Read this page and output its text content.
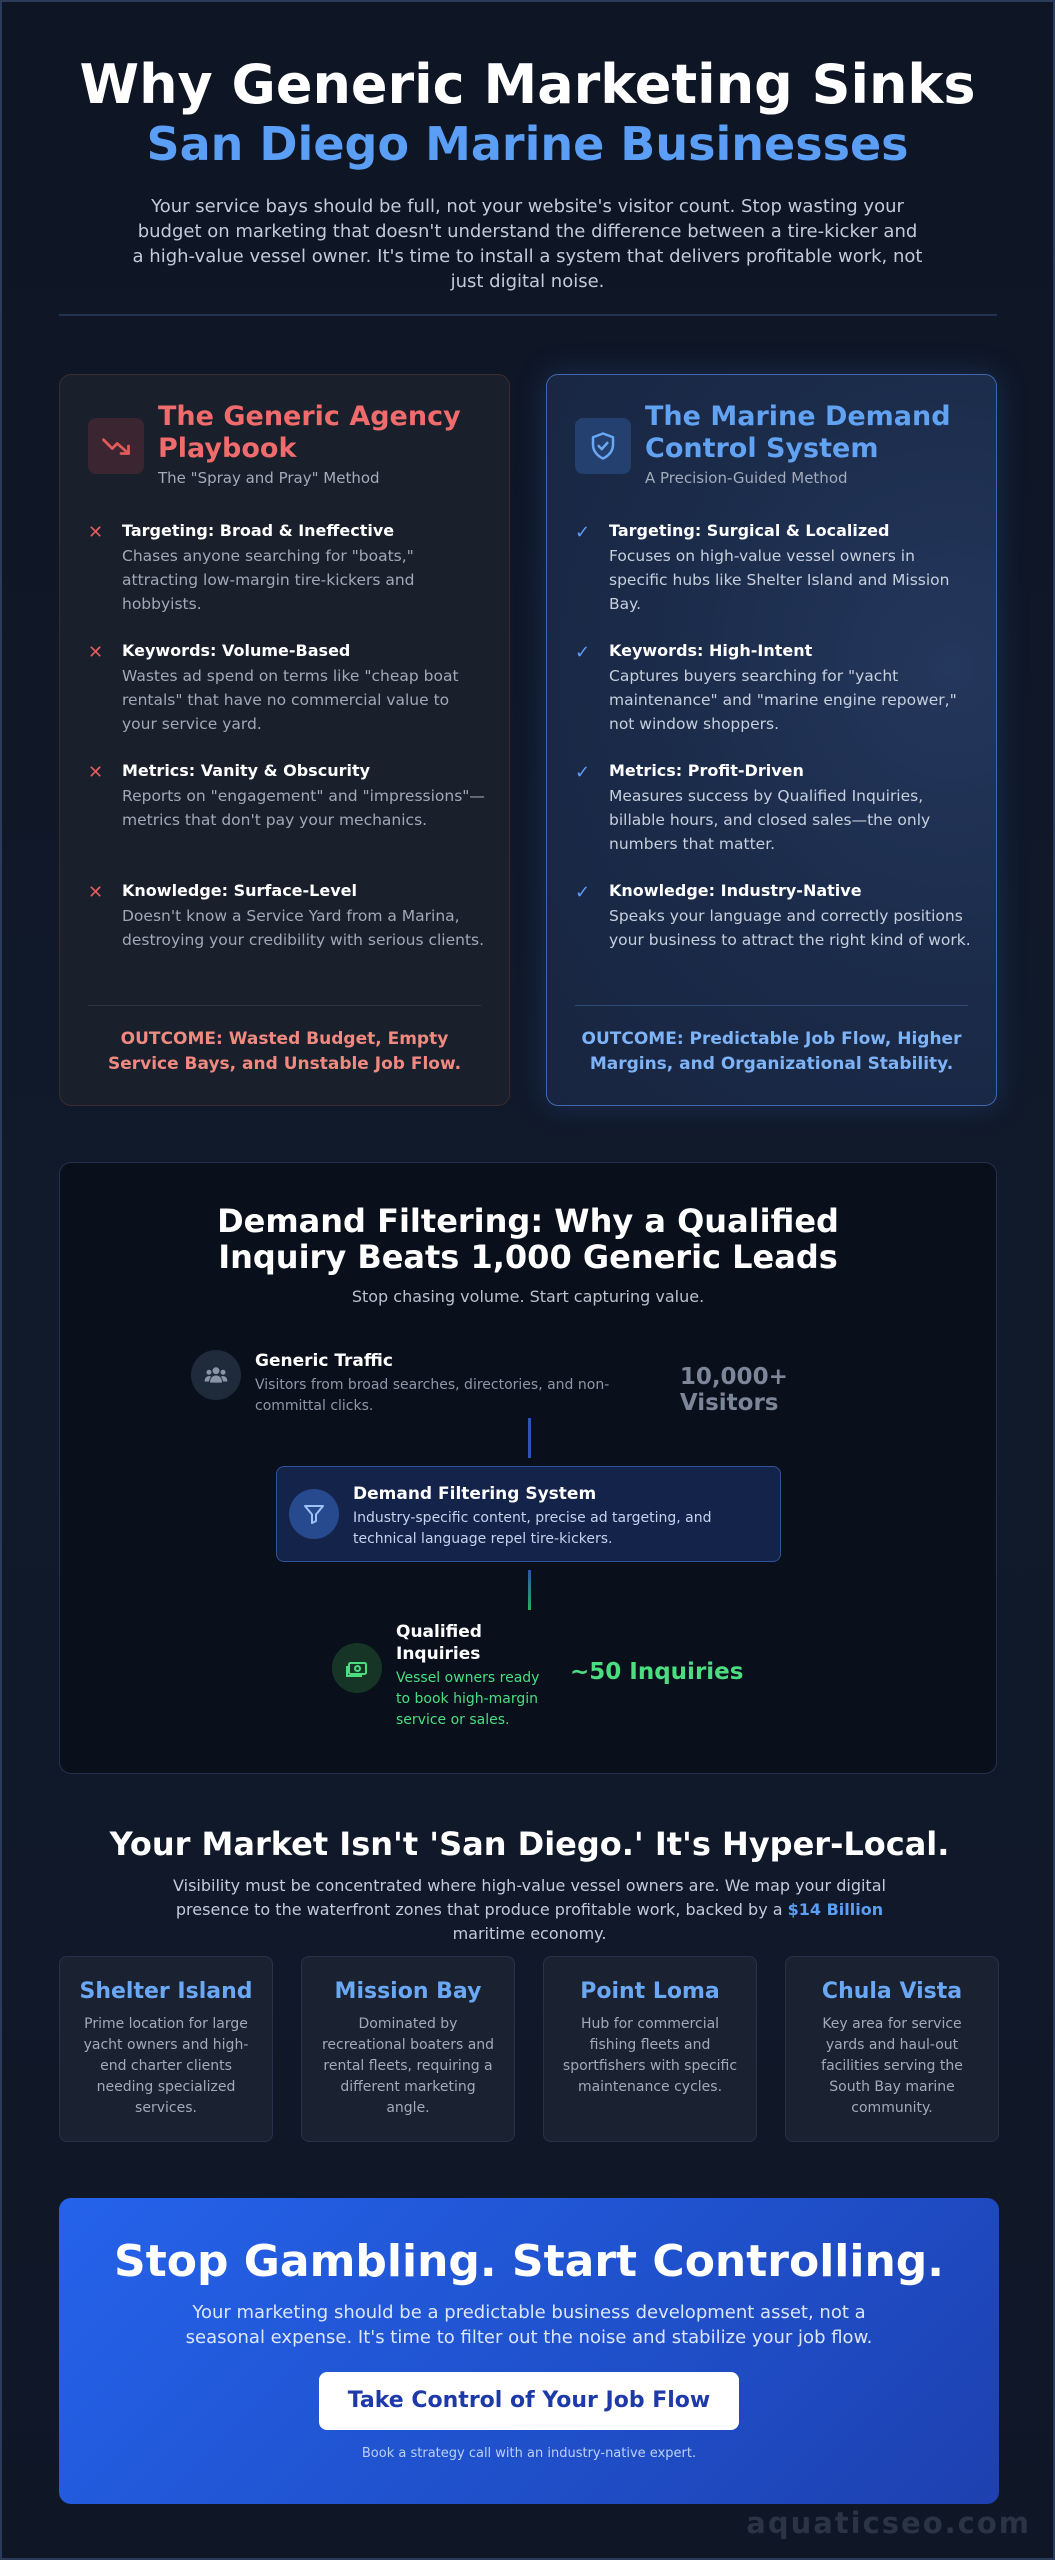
Why Generic Marketing Sinks
San Diego Marine Businesses

Your service bays should be full, not your website's visitor count. Stop wasting your budget on marketing that doesn't understand the difference between a tire-kicker and a high-value vessel owner. It's time to install a system that delivers profitable work, not just digital noise.

The Generic Agency Playbook
The "Spray and Pray" Method
✕	Targeting: Broad & Ineffective
Chases anyone searching for "boats," attracting low-margin tire-kickers and hobbyists.
✕	Keywords: Volume-Based
Wastes ad spend on terms like "cheap boat rentals" that have no commercial value to your service yard.
✕	Metrics: Vanity & Obscurity
Reports on "engagement" and "impressions"—metrics that don't pay your mechanics.
✕	Knowledge: Surface-Level
Doesn't know a Service Yard from a Marina, destroying your credibility with serious clients.
OUTCOME: Wasted Budget, Empty Service Bays, and Unstable Job Flow.
The Marine Demand Control System
A Precision-Guided Method
✓	Targeting: Surgical & Localized
Focuses on high-value vessel owners in specific hubs like Shelter Island and Mission Bay.
✓	Keywords: High-Intent
Captures buyers searching for "yacht maintenance" and "marine engine repower," not window shoppers.
✓	Metrics: Profit-Driven
Measures success by Qualified Inquiries, billable hours, and closed sales—the only numbers that matter.
✓	Knowledge: Industry-Native
Speaks your language and correctly positions your business to attract the right kind of work.
OUTCOME: Predictable Job Flow, Higher Margins, and Organizational Stability.
Demand Filtering: Why a Qualified Inquiry Beats 1,000 Generic Leads
Stop chasing volume. Start capturing value.
Generic Traffic
Visitors from broad searches, directories, and non-committal clicks.
10,000+ Visitors
Demand Filtering System
Industry-specific content, precise ad targeting, and technical language repel tire-kickers.
Qualified Inquiries
Vessel owners ready to book high-margin service or sales.
~50 Inquiries
Your Market Isn't 'San Diego.' It's Hyper-Local.

Visibility must be concentrated where high-value vessel owners are. We map your digital presence to the waterfront zones that produce profitable work, backed by a $14 Billion maritime economy.

Shelter Island
Prime location for large yacht owners and high-end charter clients needing specialized services.
Mission Bay
Dominated by recreational boaters and rental fleets, requiring a different marketing angle.
Point Loma
Hub for commercial fishing fleets and sportfishers with specific maintenance cycles.
Chula Vista
Key area for service yards and haul-out facilities serving the South Bay marine community.
Stop Gambling. Start Controlling.

Your marketing should be a predictable business development asset, not a seasonal expense. It's time to filter out the noise and stabilize your job flow.

Take Control of Your Job Flow
Book a strategy call with an industry-native expert.
aquaticseo.com
